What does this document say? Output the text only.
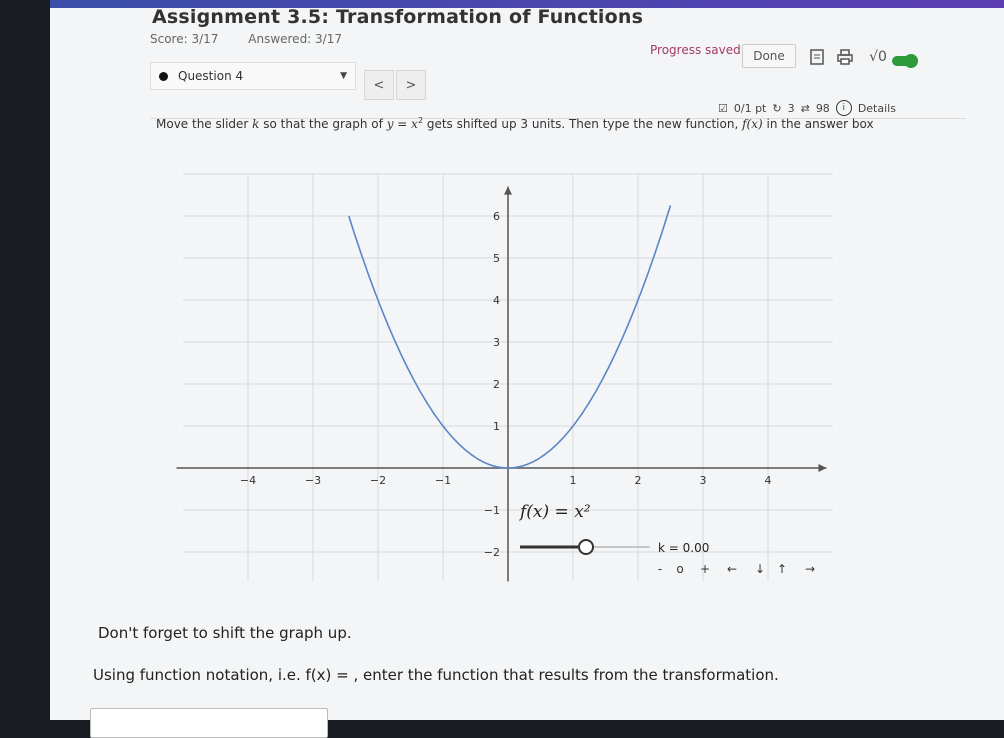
Assignment 3.5: Transformation of Functions
Score: 3/17 Answered: 3/17
Progress saved	Done	√0
Question 4	▼
<	>
☑ 0/1 pt ↻ 3 ⇄ 98	i	Details
Move the slider k so that the graph of $y = x^2$ gets shifted up 3 units. Then type the new function, f(x) in the answer box
−4	−3	−2	−1	1	2	3	4
−2
−1
1
2
3
4
5
6
f(x) = x²
k = 0.00
- o + ← ↓ ↑ →
Don't forget to shift the graph up.
Using function notation, i.e. f(x) = , enter the function that results from the transformation.
